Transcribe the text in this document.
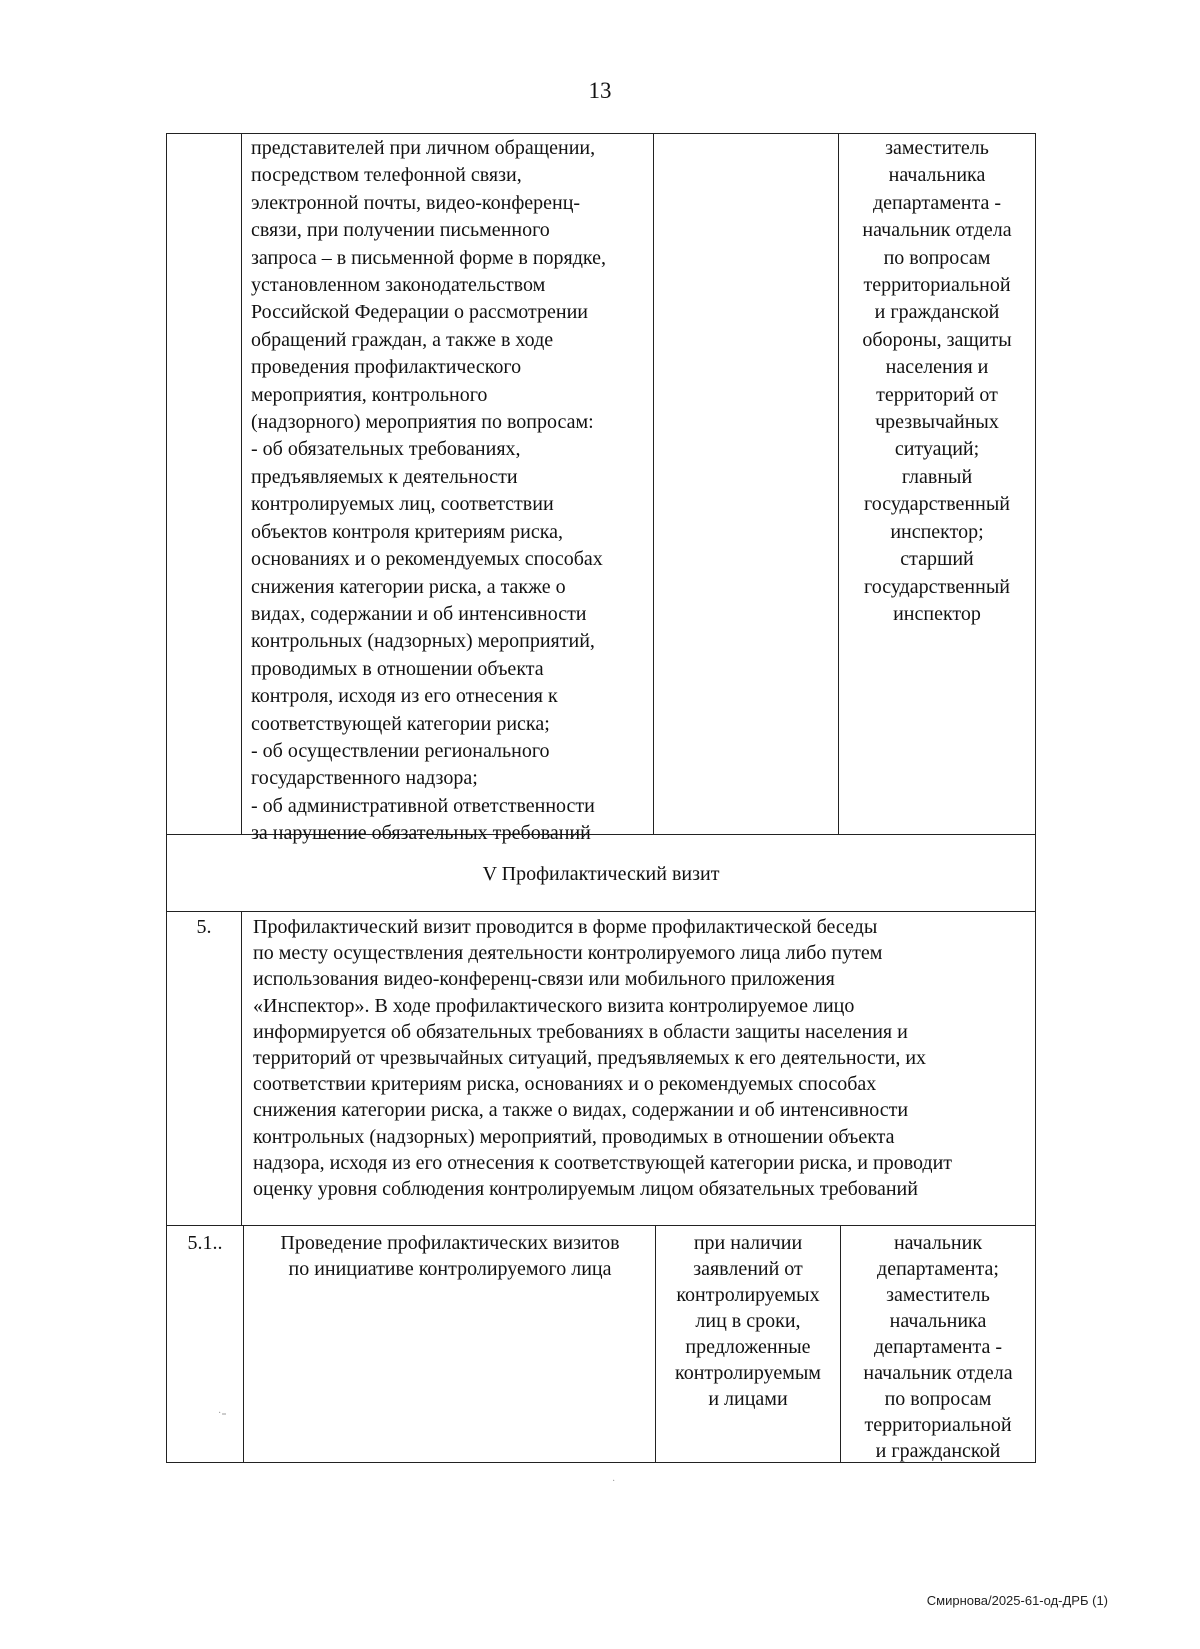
13
представителей при личном обращении,
посредством телефонной связи,
электронной почты, видео-конференц-
связи, при получении письменного
запроса – в письменной форме в порядке,
установленном законодательством
Российской Федерации о рассмотрении
обращений граждан, а также в ходе
проведения профилактического
мероприятия, контрольного
(надзорного) мероприятия по вопросам:
- об обязательных требованиях,
предъявляемых к деятельности
контролируемых лиц, соответствии
объектов контроля критериям риска,
основаниях и о рекомендуемых способах
снижения категории риска, а также о
видах, содержании и об интенсивности
контрольных (надзорных) мероприятий,
проводимых в отношении объекта
контроля, исходя из его отнесения к
соответствующей категории риска;
- об осуществлении регионального
государственного надзора;
- об административной ответственности
за нарушение обязательных требований
заместитель
начальника
департамента -
начальник отдела
по вопросам
территориальной
и гражданской
обороны, защиты
населения и
территорий от
чрезвычайных
ситуаций;
главный
государственный
инспектор;
старший
государственный
инспектор
V Профилактический визит
5.	Профилактический визит проводится в форме профилактической беседы
по месту осуществления деятельности контролируемого лица либо путем
использования видео-конференц-связи или мобильного приложения
«Инспектор». В ходе профилактического визита контролируемое лицо
информируется об обязательных требованиях в области защиты населения и
территорий от чрезвычайных ситуаций, предъявляемых к его деятельности, их
соответствии критериям риска, основаниях и о рекомендуемых способах
снижения категории риска, а также о видах, содержании и об интенсивности
контрольных (надзорных) мероприятий, проводимых в отношении объекта
надзора, исходя из его отнесения к соответствующей категории риска, и проводит
оценку уровня соблюдения контролируемым лицом обязательных требований
5.1..	Проведение профилактических визитов
по инициативе контролируемого лица
при наличии
заявлений от
контролируемых
лиц в сроки,
предложенные
контролируемым
и лицами
начальник
департамента;
заместитель
начальника
департамента -
начальник отдела
по вопросам
территориальной
и гражданской
·₌
·
Смирнова/2025-61-од-ДРБ (1)
